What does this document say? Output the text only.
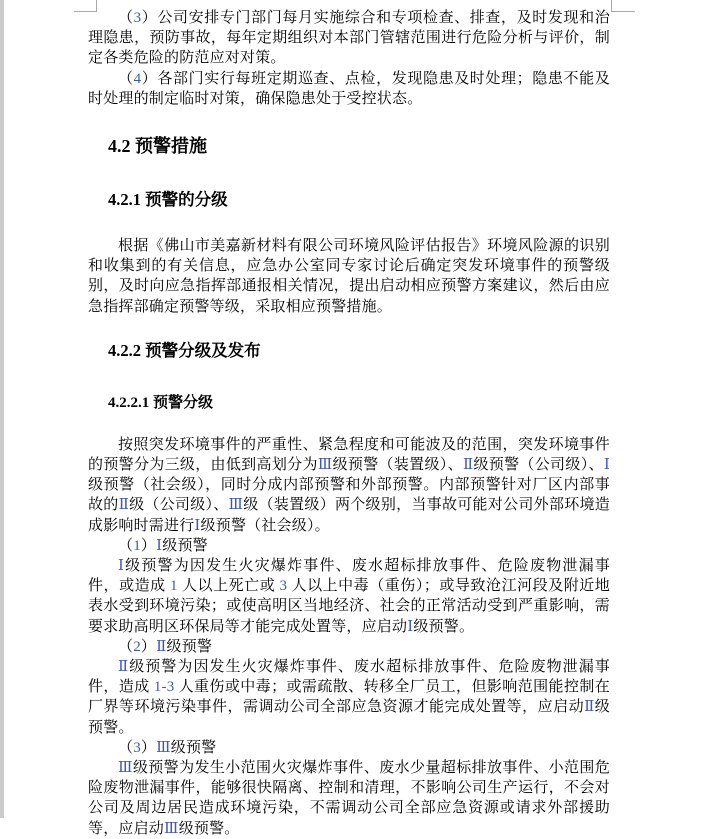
（3）公司安排专门部门每月实施综合和专项检查、排查，及时发现和治理隐患，预防事故，每年定期组织对本部门管辖范围进行危险分析与评价，制定各类危险的防范应对对策。
（4）各部门实行每班定期巡查、点检，发现隐患及时处理；隐患不能及时处理的制定临时对策，确保隐患处于受控状态。
4.2 预警措施
4.2.1 预警的分级
根据《佛山市美嘉新材料有限公司环境风险评估报告》环境风险源的识别和收集到的有关信息，应急办公室同专家讨论后确定突发环境事件的预警级别，及时向应急指挥部通报相关情况，提出启动相应预警方案建议，然后由应急指挥部确定预警等级，采取相应预警措施。
4.2.2 预警分级及发布
4.2.2.1 预警分级
按照突发环境事件的严重性、紧急程度和可能波及的范围，突发环境事件的预警分为三级，由低到高划分为Ⅲ级预警（装置级）、Ⅱ级预警（公司级）、Ⅰ级预警（社会级），同时分成内部预警和外部预警。内部预警针对厂区内部事故的Ⅱ级（公司级）、Ⅲ级（装置级）两个级别，当事故可能对公司外部环境造成影响时需进行Ⅰ级预警（社会级）。
（1）Ⅰ级预警
Ⅰ级预警为因发生火灾爆炸事件、废水超标排放事件、危险废物泄漏事件，或造成 1 人以上死亡或 3 人以上中毒（重伤）；或导致沧江河段及附近地表水受到环境污染；或使高明区当地经济、社会的正常活动受到严重影响，需要求助高明区环保局等才能完成处置等，应启动Ⅰ级预警。
（2）Ⅱ级预警
Ⅱ级预警为因发生火灾爆炸事件、废水超标排放事件、危险废物泄漏事件，造成 1-3 人重伤或中毒；或需疏散、转移全厂员工，但影响范围能控制在厂界等环境污染事件，需调动公司全部应急资源才能完成处置等，应启动Ⅱ级预警。
（3）Ⅲ级预警
Ⅲ级预警为发生小范围火灾爆炸事件、废水少量超标排放事件、小范围危险废物泄漏事件，能够很快隔离、控制和清理，不影响公司生产运行，不会对公司及周边居民造成环境污染，不需调动公司全部应急资源或请求外部援助等，应启动Ⅲ级预警。
